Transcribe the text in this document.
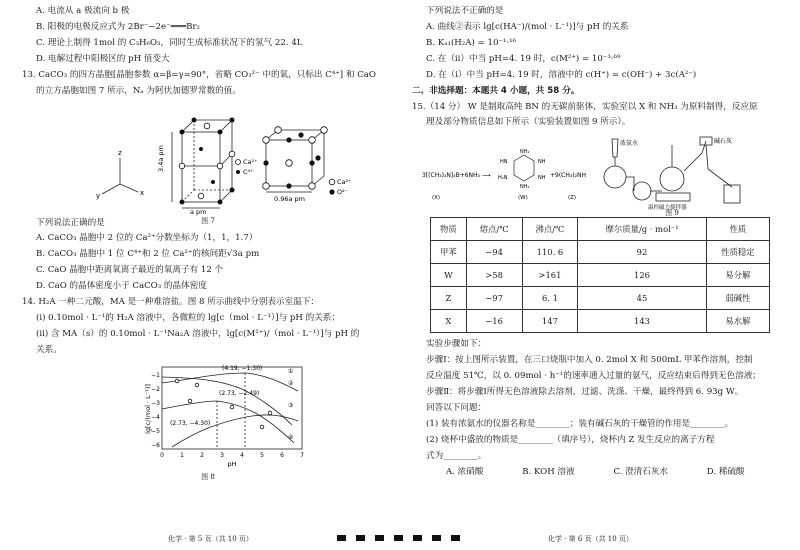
A. 电流从 a 极流向 b 极
B. 阳极的电极反应式为 2Br⁻−2e⁻═══Br₂
C. 理论上制得 1mol 的 C₃H₆O₃，同时生成标准状况下的氢气 22. 4L
D. 电解过程中阳极区的 pH 值变大
13. CaCO₃ 的四方晶胞[晶胞参数 α=β=γ=90°，省略 CO₃²⁻ 中的氧，只标出 C⁴⁺] 和 CaO
的立方晶胞如图 7 所示，Nₐ 为阿伏加德罗常数的值。
z
x
y
3.4a pm
a pm
Ca²⁺
C⁴⁺
0.96a pm
Ca²⁺
O²⁻
图 7
下列说法正确的是
A. CaCO₃ 晶胞中 2 位的 Ca²⁺分数坐标为（1，1，1.7）
B. CaCO₃ 晶胞中 1 位 C⁴⁺和 2 位 Ca²⁺的核间距√3a pm
C. CaO 晶胞中距离氧离子最近的氧离子有 12 个
D. CaO 的晶体密度小于 CaCO₃ 的晶体密度
14. H₂A 一种二元酸，MA 是一种难溶盐。图 8 所示曲线中分别表示室温下：
(ⅰ) 0.10mol · L⁻¹的 H₂A 溶液中，各微粒的 lg[c（mol · L⁻¹）]与 pH 的关系；
(ⅱ) 含 MA（s）的 0.10mol · L⁻¹Na₂A 溶液中，lg[c(M²⁺)/（mol · L⁻¹）]与 pH 的
关系。
lg[c/(mol · L⁻¹)]
−1
−2
−3
−4
−5
−6
0	1	2	3	4	5	6	7
pH
(4.19, −1.30)
(2.73, −2.49)
(2.73, −4.30)
①
②
③
④
图 8
下列说法不正确的是
A. 曲线②表示 lg[c(HA⁻)/(mol · L⁻¹)]与 pH 的关系
B. Kₐ₁(H₂A) = 10⁻¹·¹⁶
C. 在（ⅱ）中当 pH=4. 19 时，c(M²⁺) = 10⁻³·⁶⁹
D. 在（ⅰ）中当 pH=4. 19 时，溶液中的 c(H⁺) = c(OH⁻) + 3c(A²⁻)
二、非选择题：本题共 4 小题，共 58 分。
15.（14 分） W 是制取高纯 BN 的无碳前驱体，实验室以 X 和 NH₃ 为原料制得，反应原
理及部分物质信息如下所示（实验装置如图 9 所示）。
3[(CH₃)₂N]₃B+6NH₃ ⟶
NH₂
NH
HN
NH
H₂N
NH₂
+9(CH₃)₂NH
(X)	(W)	(Z)
浓氨水	碱石灰
温控磁力搅拌器
图 9
物质	熔点/℃	沸点/℃	摩尔质量/g · mol⁻¹	性质
甲苯	−94	110. 6	92	性质稳定
W	>58	>161	126	易分解
Z	−97	6. 1	45	弱碱性
X	−16	147	143	易水解
实验步骤如下：
步骤Ⅰ：按上图所示装置，在三口烧瓶中加入 0. 2mol X 和 500mL 甲苯作溶剂，控制
反应温度 51℃，以 0. 09mol · h⁻¹的速率通入过量的氨气，反应结束后得到无色溶液；
步骤Ⅱ：将步骤Ⅰ所得无色溶液除去溶剂，过滤、洗涤、干燥，最终得到 6. 93g W。
回答以下问题：
(1) 装有浓氨水的仪器名称是________；装有碱石灰的干燥管的作用是________。
(2) 烧杯中盛放的物质是________（填序号），烧杯内 Z 发生反应的离子方程
式为________。
A. 浓硝酸	B. KOH 溶液	C. 澄清石灰水	D. 稀硫酸
化学 · 第 5 页（共 10 页）	化学 · 第 6 页（共 10 页）
